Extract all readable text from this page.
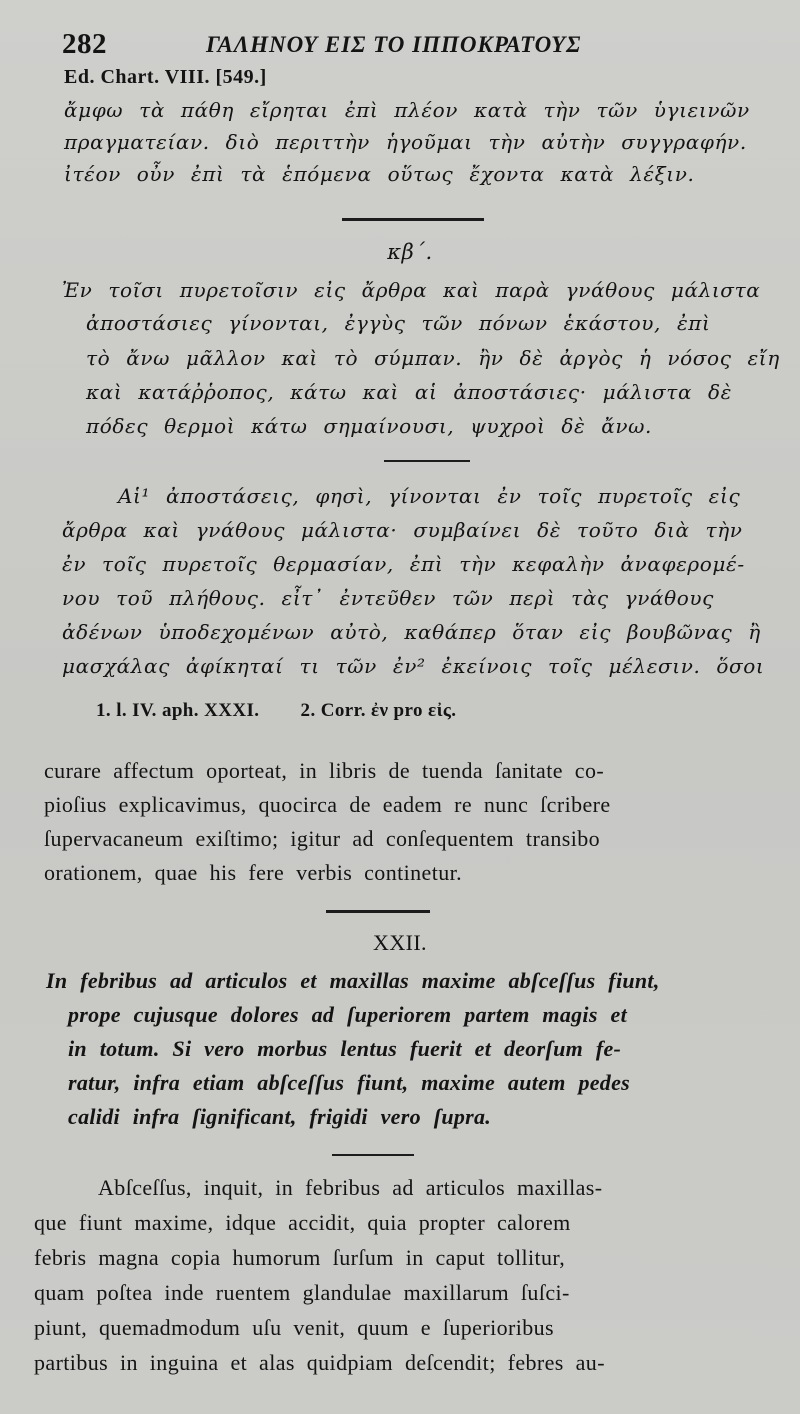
282	ΓΑΛΗΝΟΥ ΕΙΣ ΤΟ ΙΠΠΟΚΡΑΤΟΥΣ
Ed. Chart. VIII. [549.]
ἄμφω τὰ πάθη εἴρηται ἐπὶ πλέον κατὰ τὴν τῶν ὑγιεινῶν
πραγματείαν. διὸ περιττὴν ἡγοῦμαι τὴν αὐτὴν συγγραφήν.
ἰτέον οὖν ἐπὶ τὰ ἑπόμενα οὕτως ἔχοντα κατὰ λέξιν.
κβ΄.
Ἐν τοῖσι πυρετοῖσιν εἰς ἄρθρα καὶ παρὰ γνάθους μάλιστα
ἀποστάσιες γίνονται, ἐγγὺς τῶν πόνων ἑκάστου, ἐπὶ
τὸ ἄνω μᾶλλον καὶ τὸ σύμπαν. ἢν δὲ ἀργὸς ἡ νόσος εἴη
καὶ κατάῤῥοπος, κάτω καὶ αἱ ἀποστάσιες· μάλιστα δὲ
πόδες θερμοὶ κάτω σημαίνουσι, ψυχροὶ δὲ ἄνω.
Αἱ¹ ἀποστάσεις, φησὶ, γίνονται ἐν τοῖς πυρετοῖς εἰς
ἄρθρα καὶ γνάθους μάλιστα· συμβαίνει δὲ τοῦτο διὰ τὴν
ἐν τοῖς πυρετοῖς θερμασίαν, ἐπὶ τὴν κεφαλὴν ἀναφερομέ-
νου τοῦ πλήθους. εἶτ᾽ ἐντεῦθεν τῶν περὶ τὰς γνάθους
ἀδένων ὑποδεχομένων αὐτὸ, καθάπερ ὅταν εἰς βουβῶνας ἢ
μασχάλας ἀφίκηταί τι τῶν ἐν² ἐκείνοις τοῖς μέλεσιν. ὅσοι
1. l. IV. aph. XXXI. 2. Corr. ἐν pro εἰς.
curare affectum oporteat, in libris de tuenda ſanitate co-
pioſius explicavimus, quocirca de eadem re nunc ſcribere
ſupervacaneum exiſtimo; igitur ad conſequentem transibo
orationem, quae his fere verbis continetur.
XXII.
In febribus ad articulos et maxillas maxime abſceſſus fiunt,
prope cujusque dolores ad ſuperiorem partem magis et
in totum. Si vero morbus lentus fuerit et deorſum fe-
ratur, infra etiam abſceſſus fiunt, maxime autem pedes
calidi infra ſignificant, frigidi vero ſupra.
Abſceſſus, inquit, in febribus ad articulos maxillas-
que fiunt maxime, idque accidit, quia propter calorem
febris magna copia humorum ſurſum in caput tollitur,
quam poſtea inde ruentem glandulae maxillarum ſuſci-
piunt, quemadmodum uſu venit, quum e ſuperioribus
partibus in inguina et alas quidpiam deſcendit; febres au-
